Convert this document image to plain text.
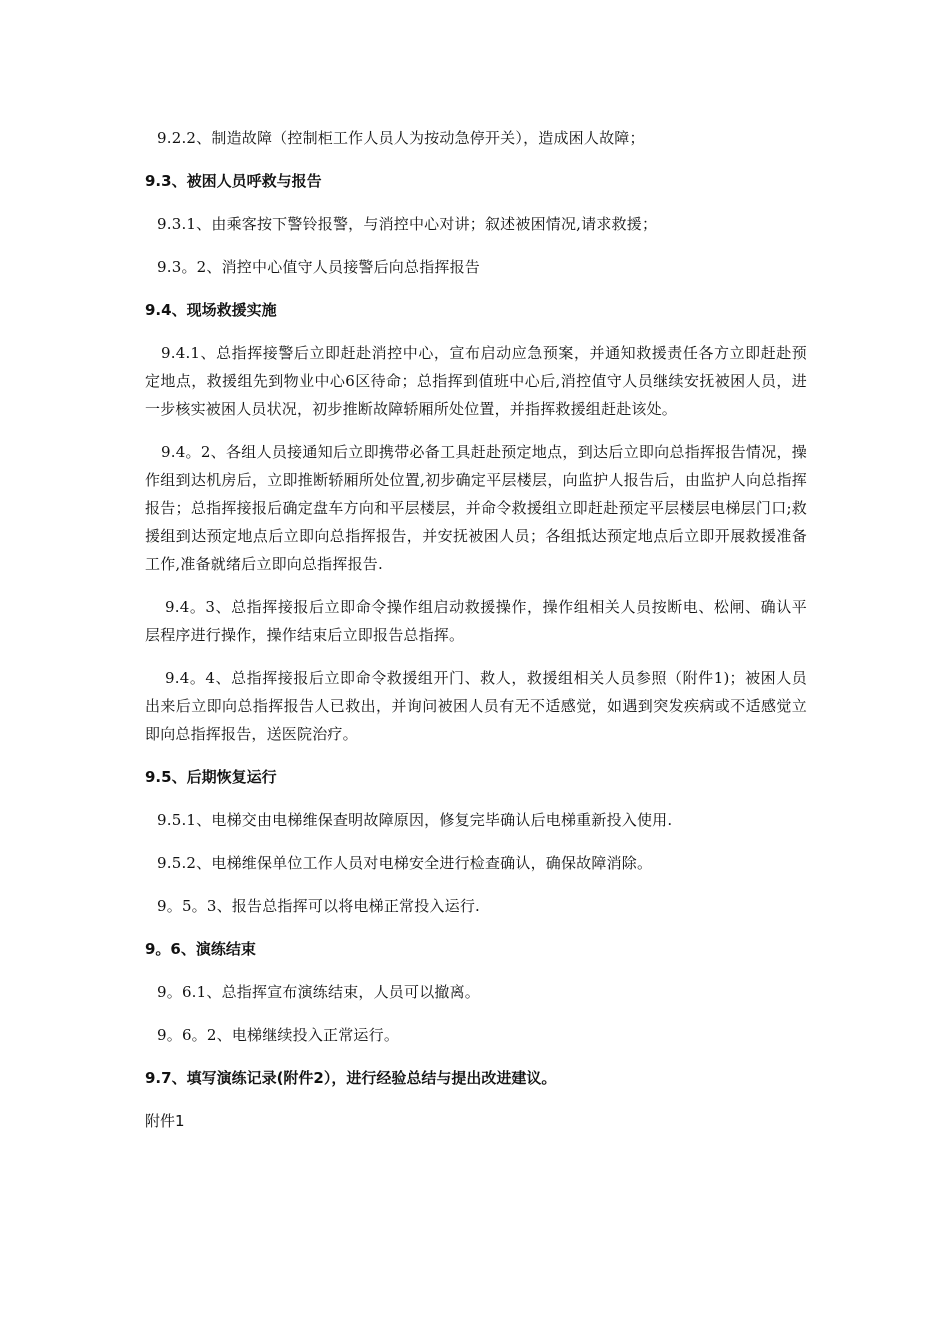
9.2.2、制造故障（控制柜工作人员人为按动急停开关），造成困人故障；

9.3、被困人员呼救与报告

9.3.1、由乘客按下警铃报警，与消控中心对讲；叙述被困情况,请求救援；

9.3。2、消控中心值守人员接警后向总指挥报告

9.4、现场救援实施

9.4.1、总指挥接警后立即赶赴消控中心，宣布启动应急预案，并通知救援责任各方立即赶赴预定地点，救援组先到物业中心6区待命；总指挥到值班中心后,消控值守人员继续安抚被困人员，进一步核实被困人员状况，初步推断故障轿厢所处位置，并指挥救援组赶赴该处。

9.4。2、各组人员接通知后立即携带必备工具赶赴预定地点，到达后立即向总指挥报告情况，操作组到达机房后，立即推断轿厢所处位置,初步确定平层楼层，向监护人报告后，由监护人向总指挥报告；总指挥接报后确定盘车方向和平层楼层，并命令救援组立即赶赴预定平层楼层电梯层门口;救援组到达预定地点后立即向总指挥报告，并安抚被困人员；各组抵达预定地点后立即开展救援准备工作,准备就绪后立即向总指挥报告.

9.4。3、总指挥接报后立即命令操作组启动救援操作，操作组相关人员按断电、松闸、确认平层程序进行操作，操作结束后立即报告总指挥。

9.4。4、总指挥接报后立即命令救援组开门、救人，救援组相关人员参照（附件1)；被困人员出来后立即向总指挥报告人已救出，并询问被困人员有无不适感觉，如遇到突发疾病或不适感觉立即向总指挥报告，送医院治疗。

9.5、后期恢复运行

9.5.1、电梯交由电梯维保查明故障原因，修复完毕确认后电梯重新投入使用.

9.5.2、电梯维保单位工作人员对电梯安全进行检查确认，确保故障消除。

9。5。3、报告总指挥可以将电梯正常投入运行.

9。6、演练结束

9。6.1、总指挥宣布演练结束，人员可以撤离。

9。6。2、电梯继续投入正常运行。

9.7、填写演练记录(附件2），进行经验总结与提出改进建议。

附件1
